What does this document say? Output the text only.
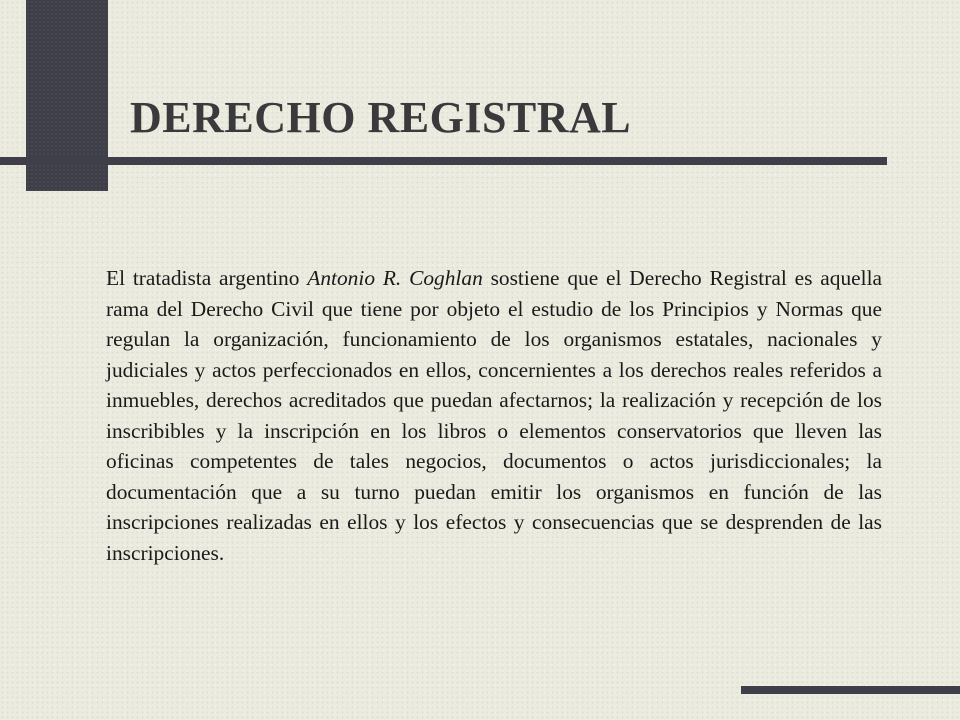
DERECHO REGISTRAL

El tratadista argentino Antonio R. Coghlan sostiene que el Derecho Registral es aquella rama del Derecho Civil que tiene por objeto el estudio de los Principios y Normas que regulan la organización, funcionamiento de los organismos estatales, nacionales y judiciales y actos perfeccionados en ellos, concernientes a los derechos reales referidos a inmuebles, derechos acreditados que puedan afectarnos; la realización y recepción de los inscribibles y la inscripción en los libros o elementos conservatorios que lleven las oficinas competentes de tales negocios, documentos o actos jurisdiccionales; la documentación que a su turno puedan emitir los organismos en función de las inscripciones realizadas en ellos y los efectos y consecuencias que se desprenden de las inscripciones.
